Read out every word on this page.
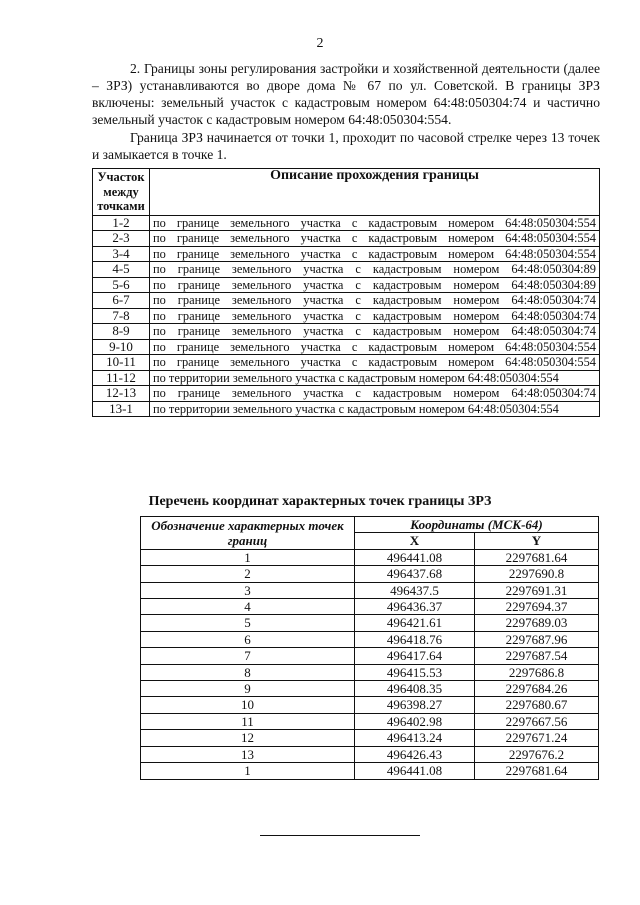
2

2. Границы зоны регулирования застройки и хозяйственной деятельности (далее – ЗРЗ) устанавливаются во дворе дома № 67 по ул. Советской. В границы ЗРЗ включены: земельный участок с кадастровым номером 64:48:050304:74 и частично земельный участок с кадастровым номером 64:48:050304:554.

Граница ЗРЗ начинается от точки 1, проходит по часовой стрелке через 13 точек и замыкается в точке 1.

Участок между точками	Описание прохождения границы
1-2	по границе земельного участка с кадастровым номером 64:48:050304:554
2-3	по границе земельного участка с кадастровым номером 64:48:050304:554
3-4	по границе земельного участка с кадастровым номером 64:48:050304:554
4-5	по границе земельного участка с кадастровым номером 64:48:050304:89
5-6	по границе земельного участка с кадастровым номером 64:48:050304:89
6-7	по границе земельного участка с кадастровым номером 64:48:050304:74
7-8	по границе земельного участка с кадастровым номером 64:48:050304:74
8-9	по границе земельного участка с кадастровым номером 64:48:050304:74
9-10	по границе земельного участка с кадастровым номером 64:48:050304:554
10-11	по границе земельного участка с кадастровым номером 64:48:050304:554
11-12	по территории земельного участка с кадастровым номером 64:48:050304:554
12-13	по границе земельного участка с кадастровым номером 64:48:050304:74
13-1	по территории земельного участка с кадастровым номером 64:48:050304:554
Перечень координат характерных точек границы ЗРЗ
Обозначение характерных точек границ	Координаты (МСК-64)	
	X	Y
1	496441.08	2297681.64
2	496437.68	2297690.8
3	496437.5	2297691.31
4	496436.37	2297694.37
5	496421.61	2297689.03
6	496418.76	2297687.96
7	496417.64	2297687.54
8	496415.53	2297686.8
9	496408.35	2297684.26
10	496398.27	2297680.67
11	496402.98	2297667.56
12	496413.24	2297671.24
13	496426.43	2297676.2
1	496441.08	2297681.64
